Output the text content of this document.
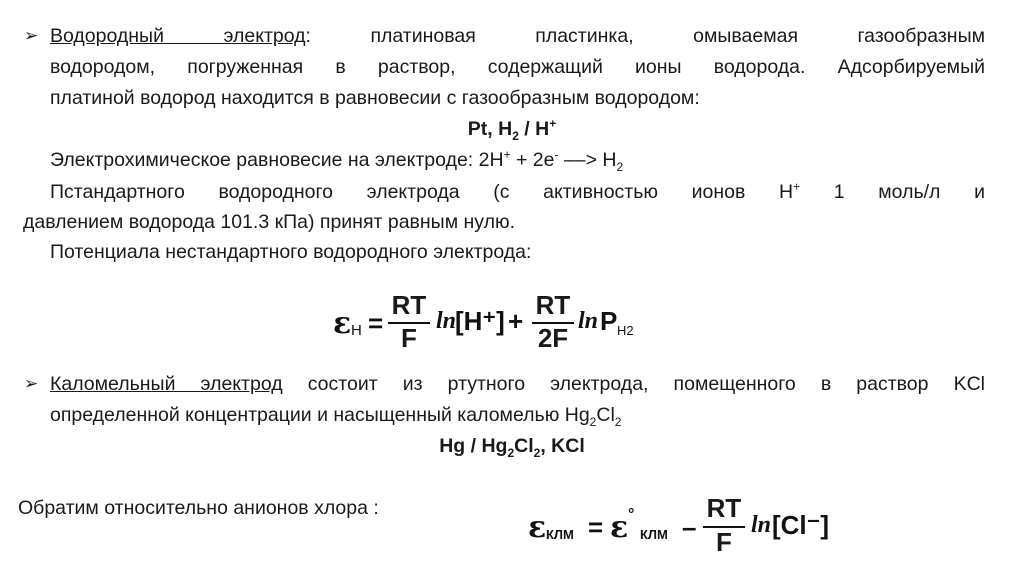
➢ Водородный электрод: платиновая пластинка, омываемая газообразным
водородом, погруженная в раствор, содержащий ионы водорода. Адсорбируемый
платиной водород находится в равновесии с газообразным водородом:
Pt, $H_2 / H^+$
Электрохимическое равновесие на электроде: 2H+ + 2e- ––> $H_2$
Пстандартного водородного электрода (с активностью ионов H+ 1 моль/л и
давлением водорода 101.3 кПа) принят равным нулю.
Потенциала нестандартного водородного электрода:
ε H =
RT
F
ln
[H⁺] +
RT
2F
ln P H2
➢ Каломельный электрод состоит из ртутного электрода, помещенного в раствор KCl
определенной концентрации и насыщенный каломелью $Hg_2Cl_2$
Hg / $Hg_2Cl_2$, KCl
Обратим относительно анионов хлора :
ε КЛМ = ε °
КЛМ –
RT
F
ln [Cl⁻]
